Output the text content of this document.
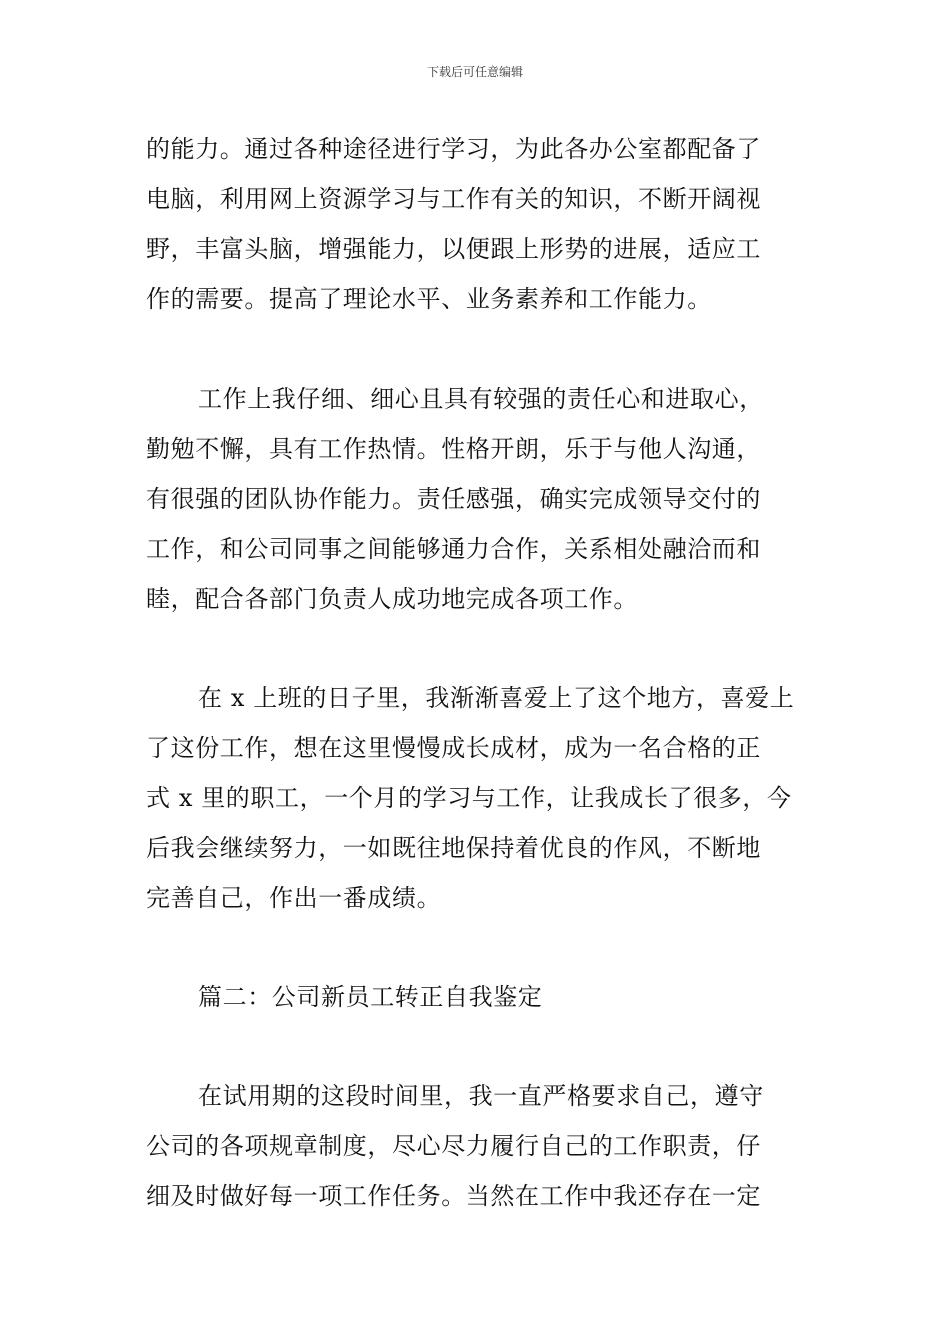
下载后可任意编辑
的能力。通过各种途径进行学习，为此各办公室都配备了
电脑，利用网上资源学习与工作有关的知识，不断开阔视
野，丰富头脑，增强能力，以便跟上形势的进展，适应工
作的需要。提高了理论水平、业务素养和工作能力。
工作上我仔细、细心且具有较强的责任心和进取心，
勤勉不懈，具有工作热情。性格开朗，乐于与他人沟通，
有很强的团队协作能力。责任感强，确实完成领导交付的
工作，和公司同事之间能够通力合作，关系相处融洽而和
睦，配合各部门负责人成功地完成各项工作。
在 x 上班的日子里，我渐渐喜爱上了这个地方，喜爱上
了这份工作，想在这里慢慢成长成材，成为一名合格的正
式 x 里的职工，一个月的学习与工作，让我成长了很多，今
后我会继续努力，一如既往地保持着优良的作风，不断地
完善自己，作出一番成绩。
篇二：公司新员工转正自我鉴定
在试用期的这段时间里，我一直严格要求自己，遵守
公司的各项规章制度，尽心尽力履行自己的工作职责，仔
细及时做好每一项工作任务。当然在工作中我还存在一定
